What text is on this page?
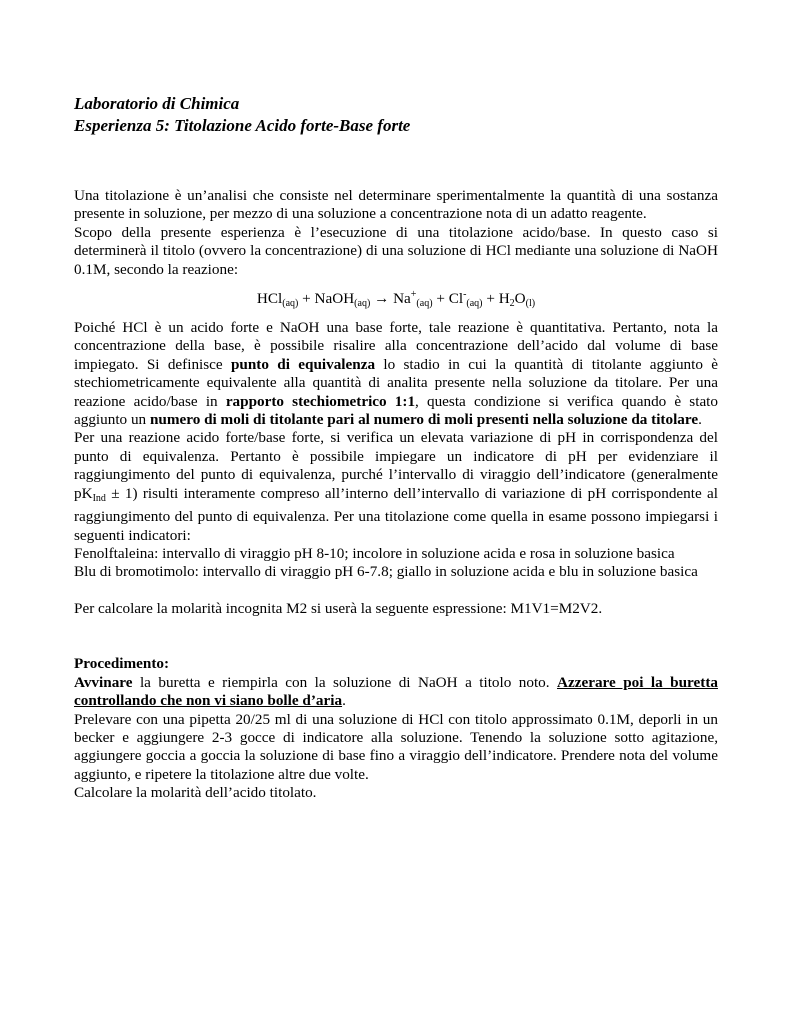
Laboratorio di Chimica
Esperienza 5: Titolazione Acido forte-Base forte

Una titolazione è un’analisi che consiste nel determinare sperimentalmente la quantità di una sostanza presente in soluzione, per mezzo di una soluzione a concentrazione nota di un adatto reagente.

Scopo della presente esperienza è l’esecuzione di una titolazione acido/base. In questo caso si determinerà il titolo (ovvero la concentrazione) di una soluzione di HCl mediante una soluzione di NaOH 0.1M, secondo la reazione:

HCl$_{(aq)}$ + NaOH$_{(aq)}$ → $Na^+_{(aq)} + Cl^-_{(aq)} + H_2O_{(l)}$

Poiché HCl è un acido forte e NaOH una base forte, tale reazione è quantitativa. Pertanto, nota la concentrazione della base, è possibile risalire alla concentrazione dell’acido dal volume di base impiegato. Si definisce punto di equivalenza lo stadio in cui la quantità di titolante aggiunto è stechiometricamente equivalente alla quantità di analita presente nella soluzione da titolare. Per una reazione acido/base in rapporto stechiometrico 1:1, questa condizione si verifica quando è stato aggiunto un numero di moli di titolante pari al numero di moli presenti nella soluzione da titolare.

Per una reazione acido forte/base forte, si verifica un elevata variazione di pH in corrispondenza del punto di equivalenza. Pertanto è possibile impiegare un indicatore di pH per evidenziare il raggiungimento del punto di equivalenza, purché l’intervallo di viraggio dell’indicatore (generalmente $pK_{Ind} \pm 1$) risulti interamente compreso all’interno dell’intervallo di variazione di pH corrispondente al raggiungimento del punto di equivalenza. Per una titolazione come quella in esame possono impiegarsi i seguenti indicatori:

Fenolftaleina: intervallo di viraggio pH 8-10; incolore in soluzione acida e rosa in soluzione basica

Blu di bromotimolo: intervallo di viraggio pH 6-7.8; giallo in soluzione acida e blu in soluzione basica

Per calcolare la molarità incognita M2 si userà la seguente espressione: M1V1=M2V2.

Procedimento:

Avvinare la buretta e riempirla con la soluzione di NaOH a titolo noto. Azzerare poi la buretta controllando che non vi siano bolle d’aria.

Prelevare con una pipetta 20/25 ml di una soluzione di HCl con titolo approssimato 0.1M, deporli in un becker e aggiungere 2-3 gocce di indicatore alla soluzione. Tenendo la soluzione sotto agitazione, aggiungere goccia a goccia la soluzione di base fino a viraggio dell’indicatore. Prendere nota del volume aggiunto, e ripetere la titolazione altre due volte.

Calcolare la molarità dell’acido titolato.
